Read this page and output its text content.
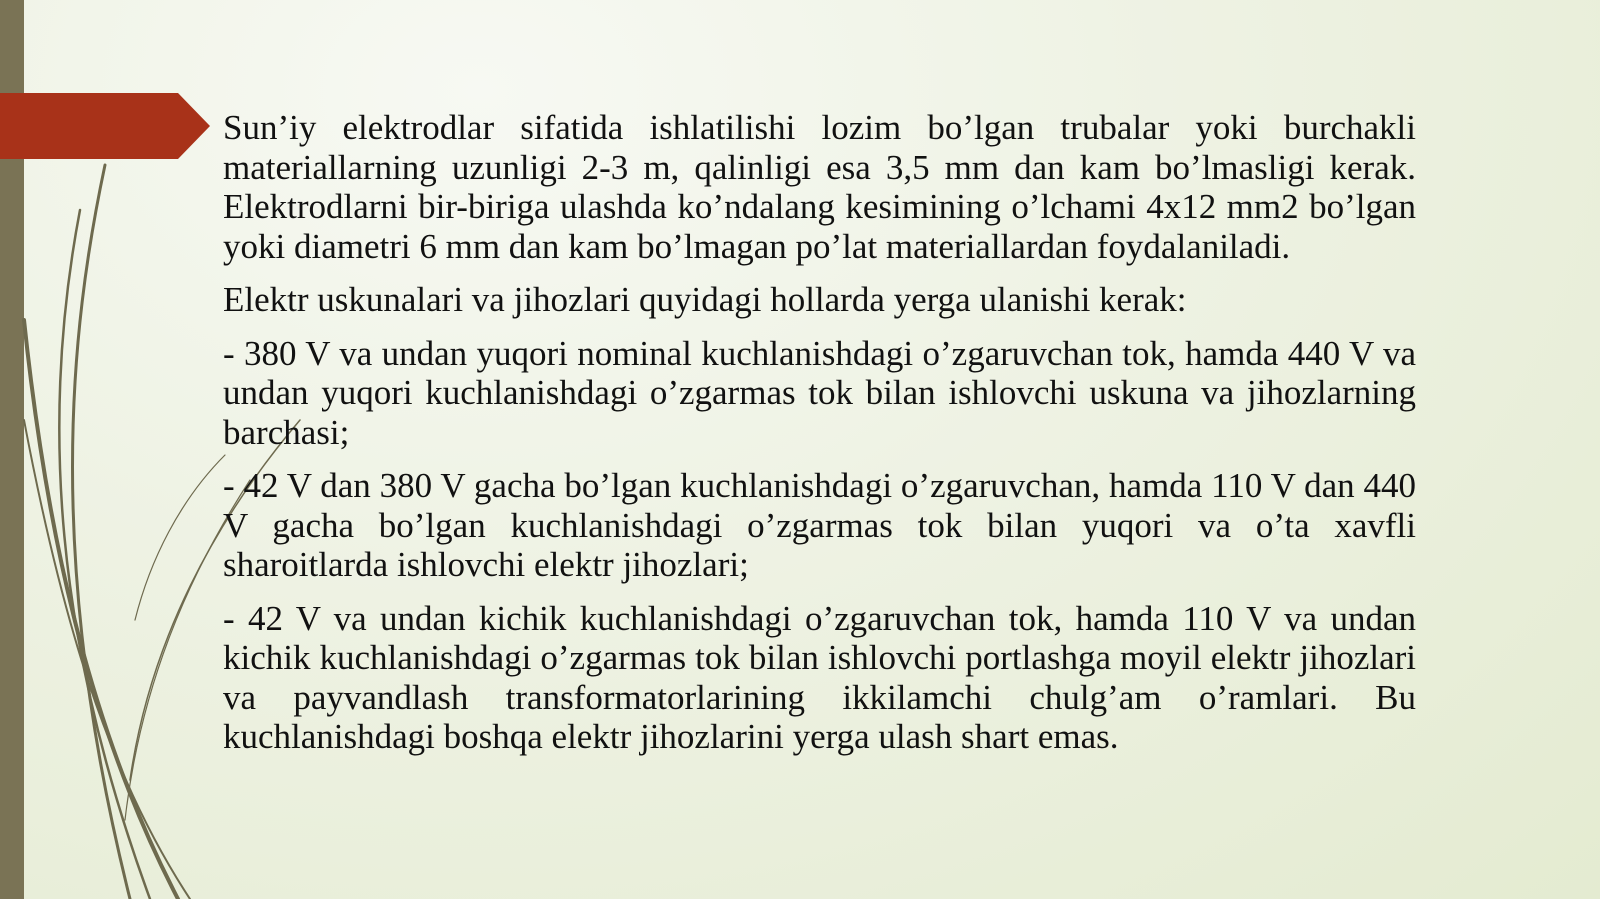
Sun’iy elektrodlar sifatida ishlatilishi lozim bo’lgan trubalar yoki burchakli materiallarning uzunligi 2-3 m, qalinligi esa 3,5 mm dan kam bo’lmasligi kerak. Elektrodlarni bir-biriga ulashda ko’ndalang kesimining o’lchami 4x12 mm2 bo’lgan yoki diametri 6 mm dan kam bo’lmagan po’lat materiallardan foydalaniladi.

Elektr uskunalari va jihozlari quyidagi hollarda yerga ulanishi kerak:

- 380 V va undan yuqori nominal kuchlanishdagi o’zgaruvchan tok, hamda 440 V va undan yuqori kuchlanishdagi o’zgarmas tok bilan ishlovchi uskuna va jihozlarning barchasi;

- 42 V dan 380 V gacha bo’lgan kuchlanishdagi o’zgaruvchan, hamda 110 V dan 440 V gacha bo’lgan kuchlanishdagi o’zgarmas tok bilan yuqori va o’ta xavfli sharoitlarda ishlovchi elektr jihozlari;

- 42 V va undan kichik kuchlanishdagi o’zgaruvchan tok, hamda 110 V va undan kichik kuchlanishdagi o’zgarmas tok bilan ishlovchi portlashga moyil elektr jihozlari va payvandlash transformatorlarining ikkilamchi chulg’am o’ramlari. Bu kuchlanishdagi boshqa elektr jihozlarini yerga ulash shart emas.
